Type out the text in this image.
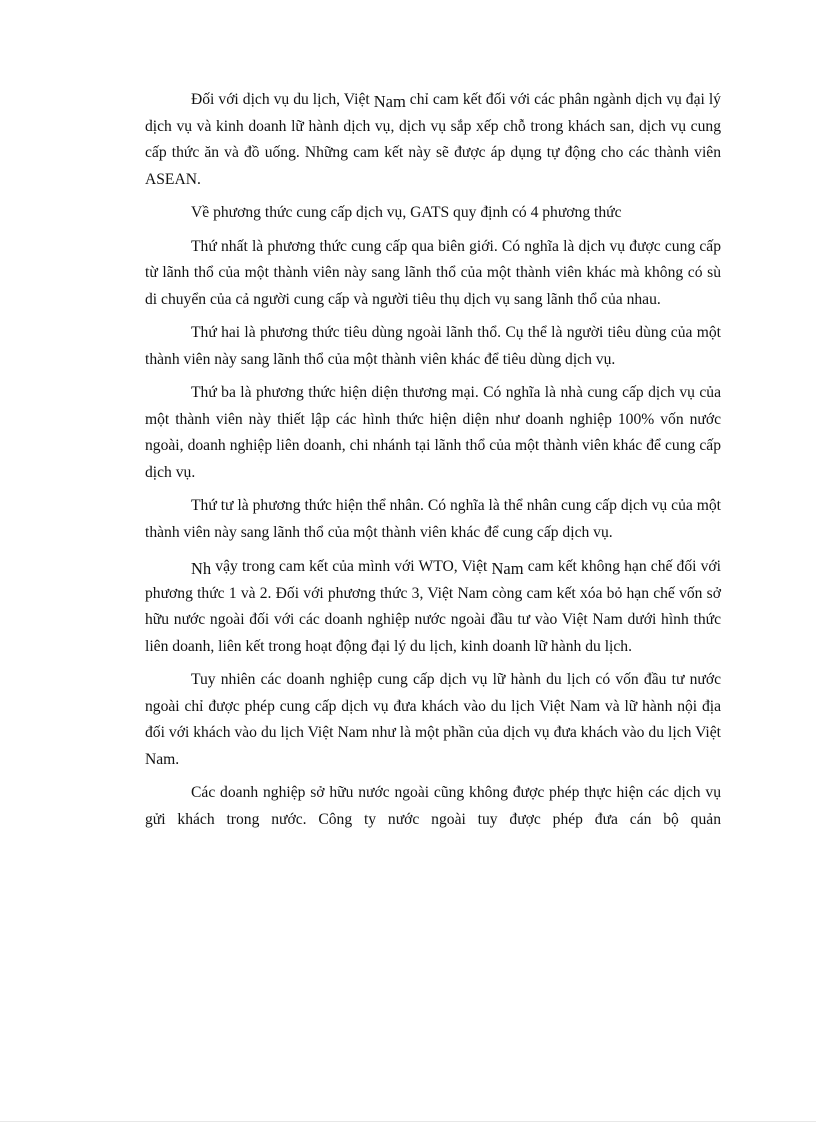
Đối với dịch vụ du lịch, Việt Nam chỉ cam kết đối với các phân ngành dịch vụ đại lý dịch vụ và kinh doanh lữ hành dịch vụ, dịch vụ sắp xếp chỗ trong khách san, dịch vụ cung cấp thức ăn và đồ uống. Những cam kết này sẽ được áp dụng tự động cho các thành viên ASEAN.

Về phương thức cung cấp dịch vụ, GATS quy định có 4 phương thức

Thứ nhất là phương thức cung cấp qua biên giới. Có nghĩa là dịch vụ được cung cấp từ lãnh thổ của một thành viên này sang lãnh thổ của một thành viên khác mà không có sù di chuyển của cả người cung cấp và người tiêu thụ dịch vụ sang lãnh thổ của nhau.

Thứ hai là phương thức tiêu dùng ngoài lãnh thổ. Cụ thể là người tiêu dùng của một thành viên này sang lãnh thổ của một thành viên khác để tiêu dùng dịch vụ.

Thứ ba là phương thức hiện diện thương mại. Có nghĩa là nhà cung cấp dịch vụ của một thành viên này thiết lập các hình thức hiện diện như doanh nghiệp 100% vốn nước ngoài, doanh nghiệp liên doanh, chi nhánh tại lãnh thổ của một thành viên khác để cung cấp dịch vụ.

Thứ tư là phương thức hiện thể nhân. Có nghĩa là thể nhân cung cấp dịch vụ của một thành viên này sang lãnh thổ của một thành viên khác để cung cấp dịch vụ.

Nh vậy trong cam kết của mình với WTO, Việt Nam cam kết không hạn chế đối với phương thức 1 và 2. Đối với phương thức 3, Việt Nam còng cam kết xóa bỏ hạn chế vốn sở hữu nước ngoài đối với các doanh nghiệp nước ngoài đầu tư vào Việt Nam dưới hình thức liên doanh, liên kết trong hoạt động đại lý du lịch, kinh doanh lữ hành du lịch.

Tuy nhiên các doanh nghiệp cung cấp dịch vụ lữ hành du lịch có vốn đầu tư nước ngoài chỉ được phép cung cấp dịch vụ đưa khách vào du lịch Việt Nam và lữ hành nội địa đối với khách vào du lịch Việt Nam như là một phần của dịch vụ đưa khách vào du lịch Việt Nam.

Các doanh nghiệp sở hữu nước ngoài cũng không được phép thực hiện các dịch vụ gửi khách trong nước. Công ty nước ngoài tuy được phép đưa cán bộ quản
